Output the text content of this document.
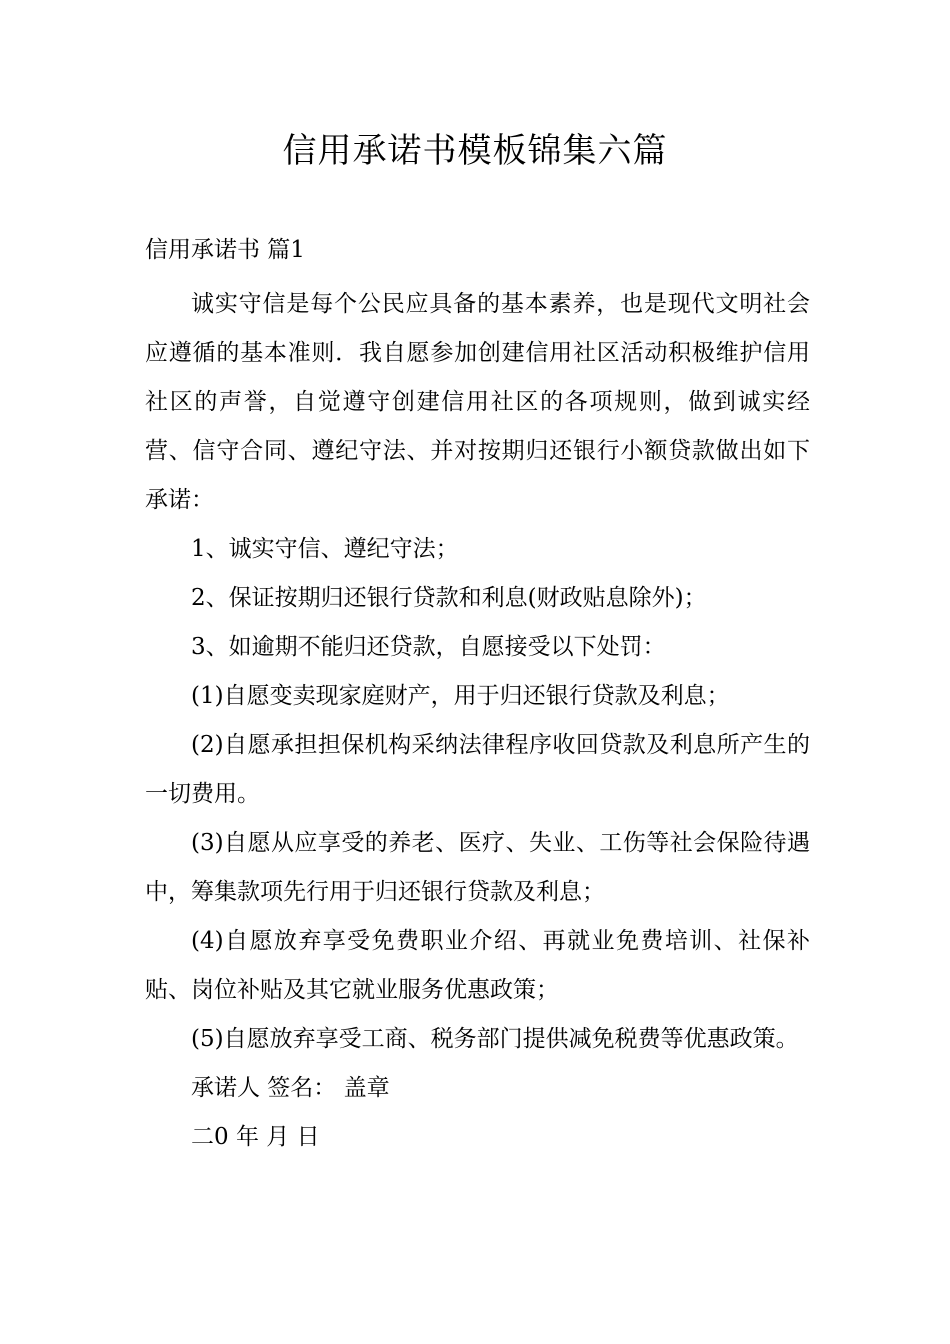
信用承诺书模板锦集六篇
信用承诺书 篇1

诚实守信是每个公民应具备的基本素养，也是现代文明社会应遵循的基本准则．我自愿参加创建信用社区活动积极维护信用社区的声誉，自觉遵守创建信用社区的各项规则，做到诚实经营、信守合同、遵纪守法、并对按期归还银行小额贷款做出如下承诺：

1、诚实守信、遵纪守法；

2、保证按期归还银行贷款和利息(财政贴息除外)；

3、如逾期不能归还贷款，自愿接受以下处罚：

(1)自愿变卖现家庭财产，用于归还银行贷款及利息；

(2)自愿承担担保机构采纳法律程序收回贷款及利息所产生的一切费用。

(3)自愿从应享受的养老、医疗、失业、工伤等社会保险待遇中，筹集款项先行用于归还银行贷款及利息；

(4)自愿放弃享受免费职业介绍、再就业免费培训、社保补贴、岗位补贴及其它就业服务优惠政策；

(5)自愿放弃享受工商、税务部门提供减免税费等优惠政策。

承诺人 签名： 盖章

二0 年 月 日
